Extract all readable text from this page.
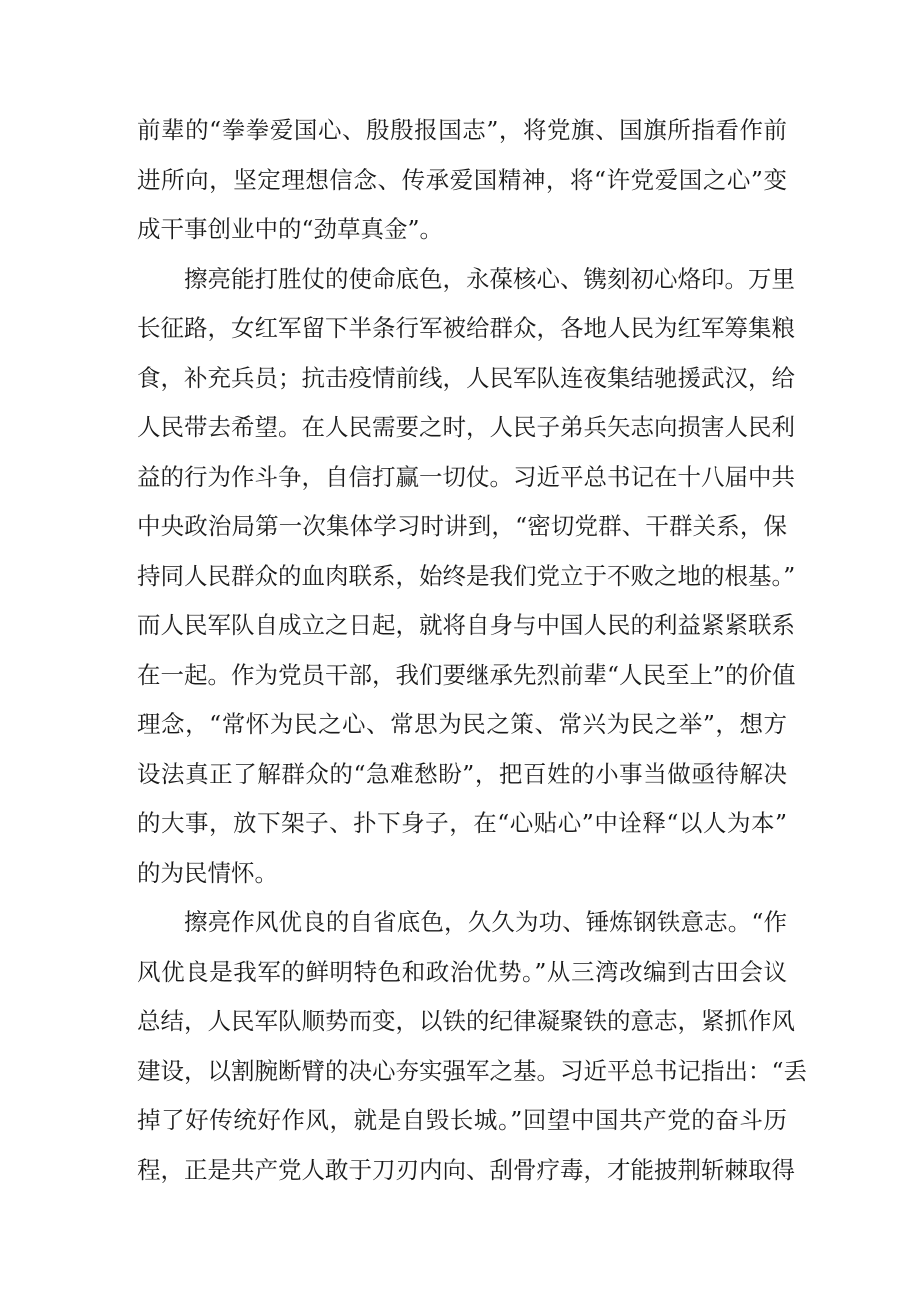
前辈的“拳拳爱国心、殷殷报国志”，将党旗、国旗所指看作前
进所向，坚定理想信念、传承爱国精神，将“许党爱国之心”变
成干事创业中的“劲草真金”。
擦亮能打胜仗的使命底色，永葆核心、镌刻初心烙印。万里
长征路，女红军留下半条行军被给群众，各地人民为红军筹集粮
食，补充兵员；抗击疫情前线，人民军队连夜集结驰援武汉，给
人民带去希望。在人民需要之时，人民子弟兵矢志向损害人民利
益的行为作斗争，自信打赢一切仗。习近平总书记在十八届中共
中央政治局第一次集体学习时讲到，“密切党群、干群关系，保
持同人民群众的血肉联系，始终是我们党立于不败之地的根基。”
而人民军队自成立之日起，就将自身与中国人民的利益紧紧联系
在一起。作为党员干部，我们要继承先烈前辈“人民至上”的价值
理念，“常怀为民之心、常思为民之策、常兴为民之举”，想方
设法真正了解群众的“急难愁盼”，把百姓的小事当做亟待解决
的大事，放下架子、扑下身子，在“心贴心”中诠释“以人为本”
的为民情怀。
擦亮作风优良的自省底色，久久为功、锤炼钢铁意志。“作
风优良是我军的鲜明特色和政治优势。”从三湾改编到古田会议
总结，人民军队顺势而变，以铁的纪律凝聚铁的意志，紧抓作风
建设，以割腕断臂的决心夯实强军之基。习近平总书记指出：“丢
掉了好传统好作风，就是自毁长城。”回望中国共产党的奋斗历
程，正是共产党人敢于刀刃内向、刮骨疗毒，才能披荆斩棘取得
